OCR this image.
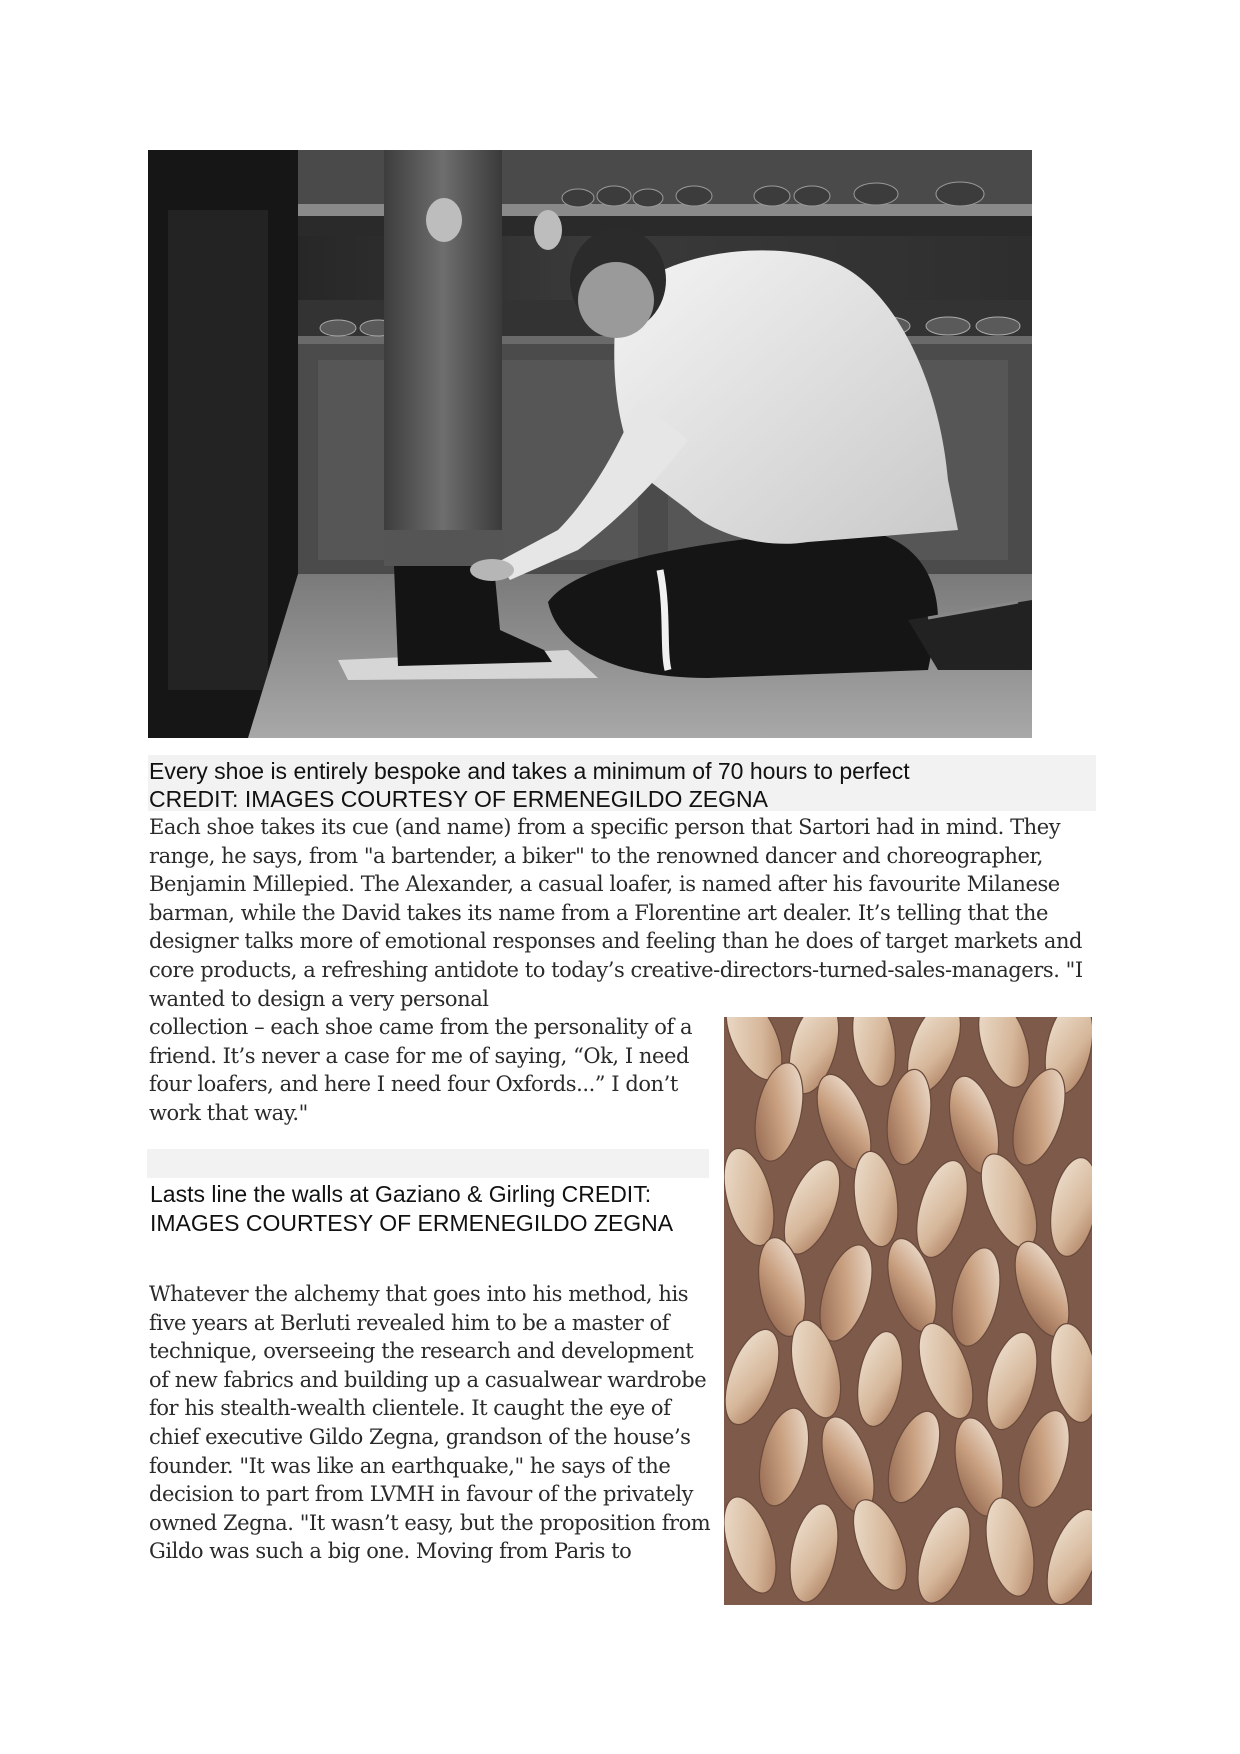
Every shoe is entirely bespoke and takes a minimum of 70 hours to perfect CREDIT: IMAGES COURTESY OF ERMENEGILDO ZEGNA
Each shoe takes its cue (and name) from a specific person that Sartori had in mind. They range, he says, from "a bartender, a biker" to the renowned dancer and choreographer, Benjamin Millepied. The Alexander, a casual loafer, is named after his favourite Milanese barman, while the David takes its name from a Florentine art dealer. It’s telling that the designer talks more of emotional responses and feeling than he does of target markets and core products, a refreshing antidote to today’s creative-directors-turned-sales-managers. "I wanted to design a very personal
collection – each shoe came from the personality of a friend. It’s never a case for me of saying, “Ok, I need four loafers, and here I need four Oxfords...” I don’t work that way."
Lasts line the walls at Gaziano & Girling CREDIT: IMAGES COURTESY OF ERMENEGILDO ZEGNA
Whatever the alchemy that goes into his method, his five years at Berluti revealed him to be a master of technique, overseeing the research and development of new fabrics and building up a casualwear wardrobe for his stealth-wealth clientele. It caught the eye of chief executive Gildo Zegna, grandson of the house’s founder. "It was like an earthquake," he says of the decision to part from LVMH in favour of the privately owned Zegna. "It wasn’t easy, but the proposition from Gildo was such a big one. Moving from Paris to
